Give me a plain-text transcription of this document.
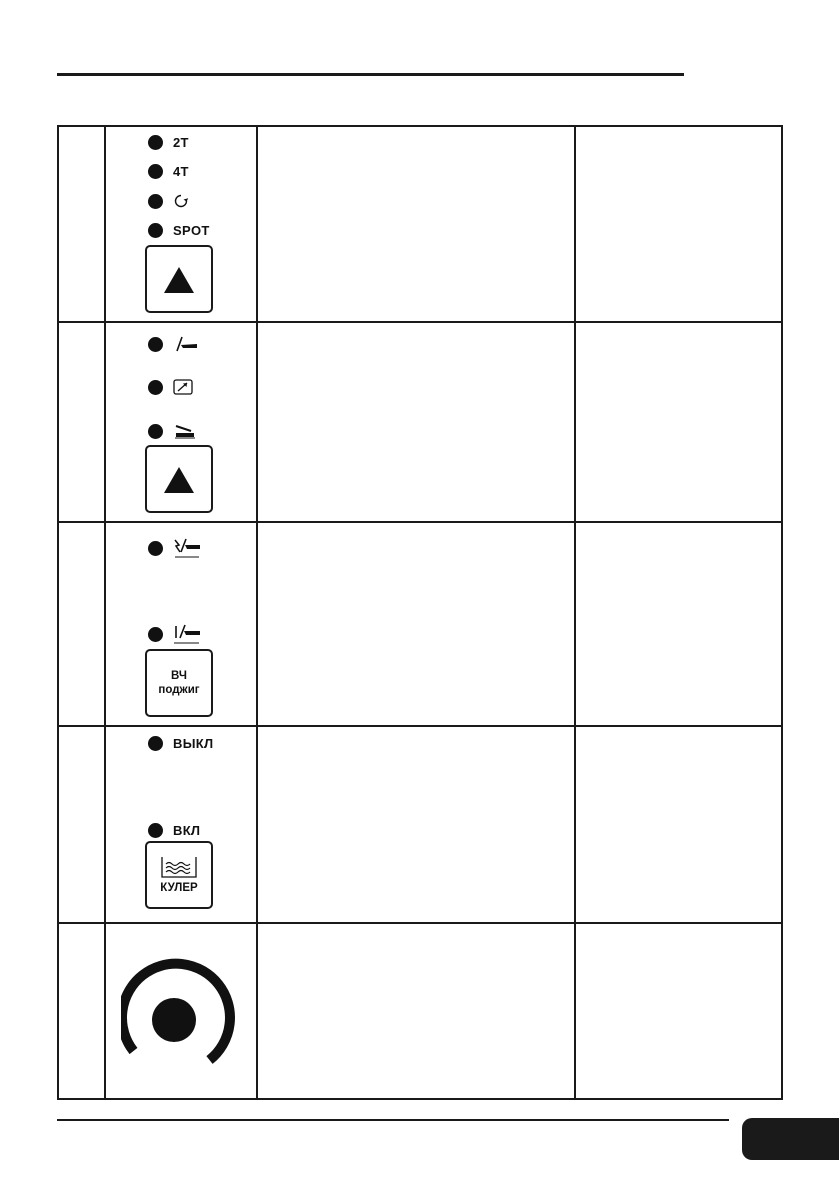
2T
4T
SPOT
ВЧ
поджиг
ВЫКЛ
ВКЛ
КУЛЕР
